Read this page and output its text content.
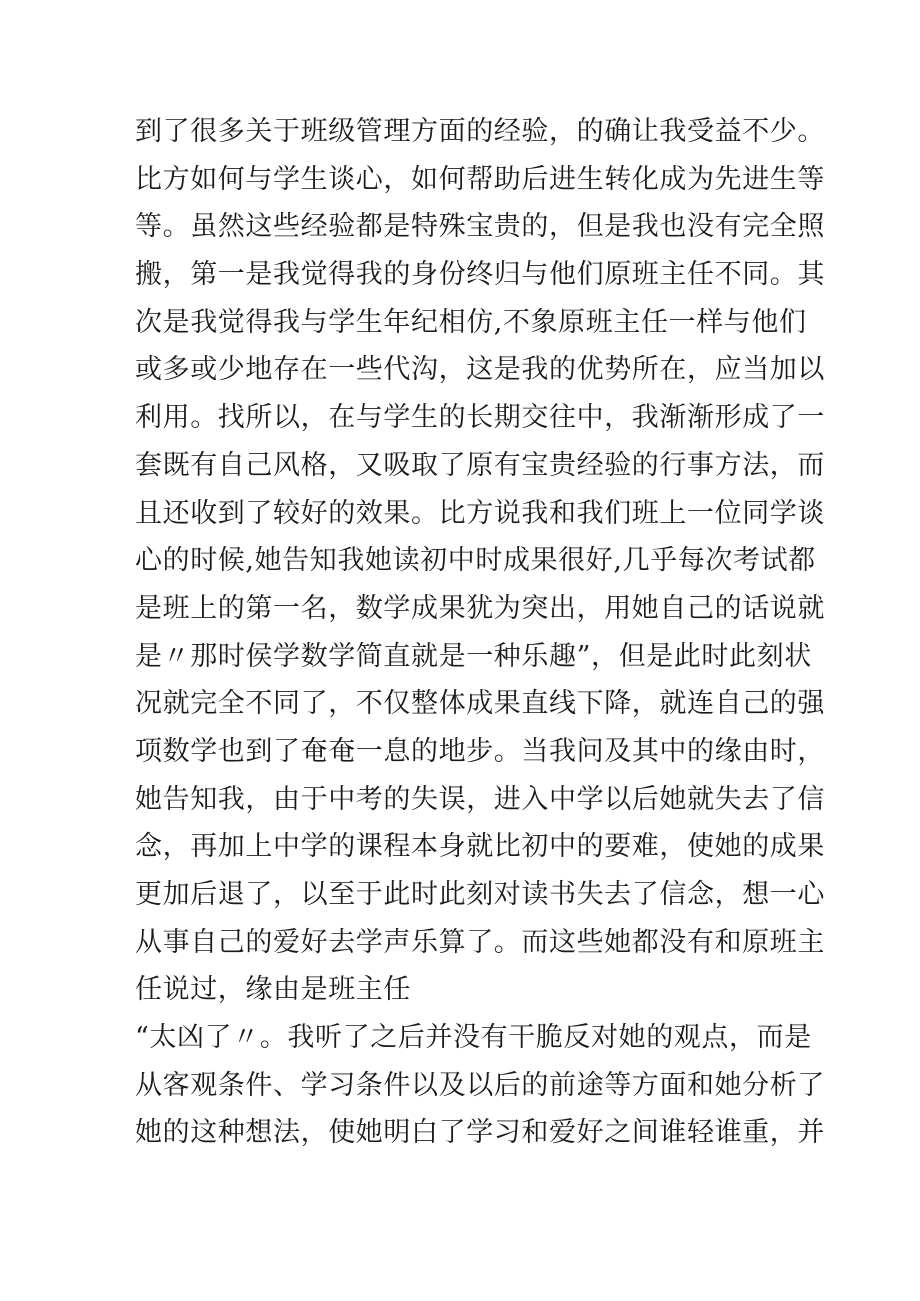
到了很多关于班级管理方面的经验，的确让我受益不少。
比方如何与学生谈心，如何帮助后进生转化成为先进生等
等。虽然这些经验都是特殊宝贵的，但是我也没有完全照
搬，第一是我觉得我的身份终归与他们原班主任不同。其
次是我觉得我与学生年纪相仿,不象原班主任一样与他们
或多或少地存在一些代沟，这是我的优势所在，应当加以
利用。找所以，在与学生的长期交往中，我渐渐形成了一
套既有自己风格，又吸取了原有宝贵经验的行事方法，而
且还收到了较好的效果。比方说我和我们班上一位同学谈
心的时候,她告知我她读初中时成果很好,几乎每次考试都
是班上的第一名，数学成果犹为突出，用她自己的话说就
是〃那时侯学数学简直就是一种乐趣”，但是此时此刻状
况就完全不同了，不仅整体成果直线下降，就连自己的强
项数学也到了奄奄一息的地步。当我问及其中的缘由时，
她告知我，由于中考的失误，进入中学以后她就失去了信
念，再加上中学的课程本身就比初中的要难，使她的成果
更加后退了，以至于此时此刻对读书失去了信念，想一心
从事自己的爱好去学声乐算了。而这些她都没有和原班主
任说过，缘由是班主任
“太凶了〃。我听了之后并没有干脆反对她的观点，而是
从客观条件、学习条件以及以后的前途等方面和她分析了
她的这种想法，使她明白了学习和爱好之间谁轻谁重，并
